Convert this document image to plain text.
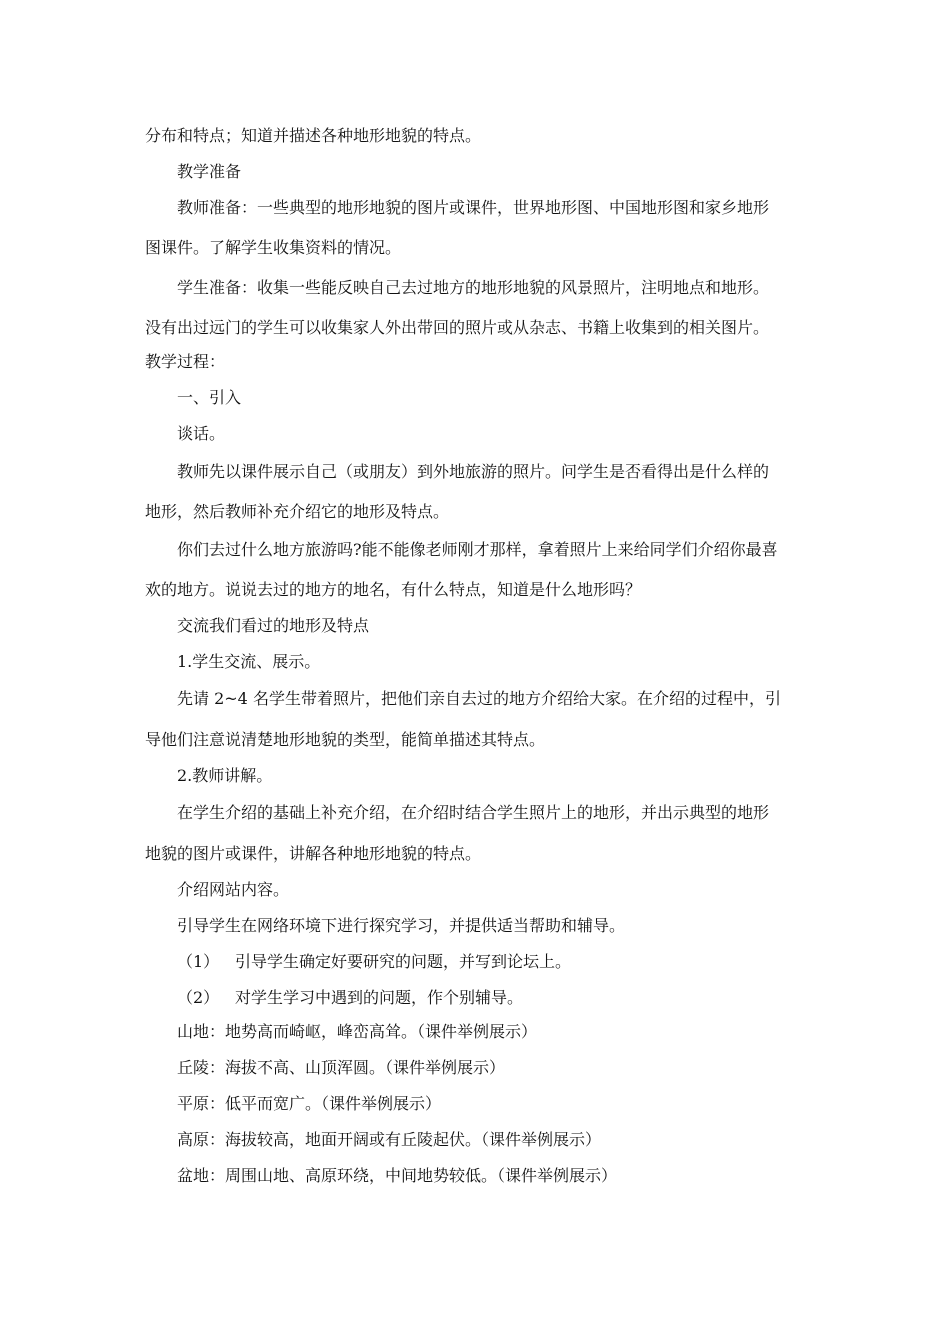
分布和特点；知道并描述各种地形地貌的特点。
教学准备
教师准备：一些典型的地形地貌的图片或课件，世界地形图、中国地形图和家乡地形
图课件。了解学生收集资料的情况。
学生准备：收集一些能反映自己去过地方的地形地貌的风景照片，注明地点和地形。
没有出过远门的学生可以收集家人外出带回的照片或从杂志、书籍上收集到的相关图片。
教学过程：
一、引入
谈话。
教师先以课件展示自己（或朋友）到外地旅游的照片。问学生是否看得出是什么样的
地形，然后教师补充介绍它的地形及特点。
你们去过什么地方旅游吗?能不能像老师刚才那样，拿着照片上来给同学们介绍你最喜
欢的地方。说说去过的地方的地名，有什么特点，知道是什么地形吗？
交流我们看过的地形及特点
1.学生交流、展示。
先请 2~4 名学生带着照片，把他们亲自去过的地方介绍给大家。在介绍的过程中，引
导他们注意说清楚地形地貌的类型，能简单描述其特点。
2.教师讲解。
在学生介绍的基础上补充介绍，在介绍时结合学生照片上的地形，并出示典型的地形
地貌的图片或课件，讲解各种地形地貌的特点。
介绍网站内容。
引导学生在网络环境下进行探究学习，并提供适当帮助和辅导。
（1） 引导学生确定好要研究的问题，并写到论坛上。
（2） 对学生学习中遇到的问题，作个别辅导。
山地：地势高而崎岖，峰峦高耸。（课件举例展示）
丘陵：海拔不高、山顶浑圆。（课件举例展示）
平原：低平而宽广。（课件举例展示）
高原：海拔较高，地面开阔或有丘陵起伏。（课件举例展示）
盆地：周围山地、高原环绕，中间地势较低。（课件举例展示）
